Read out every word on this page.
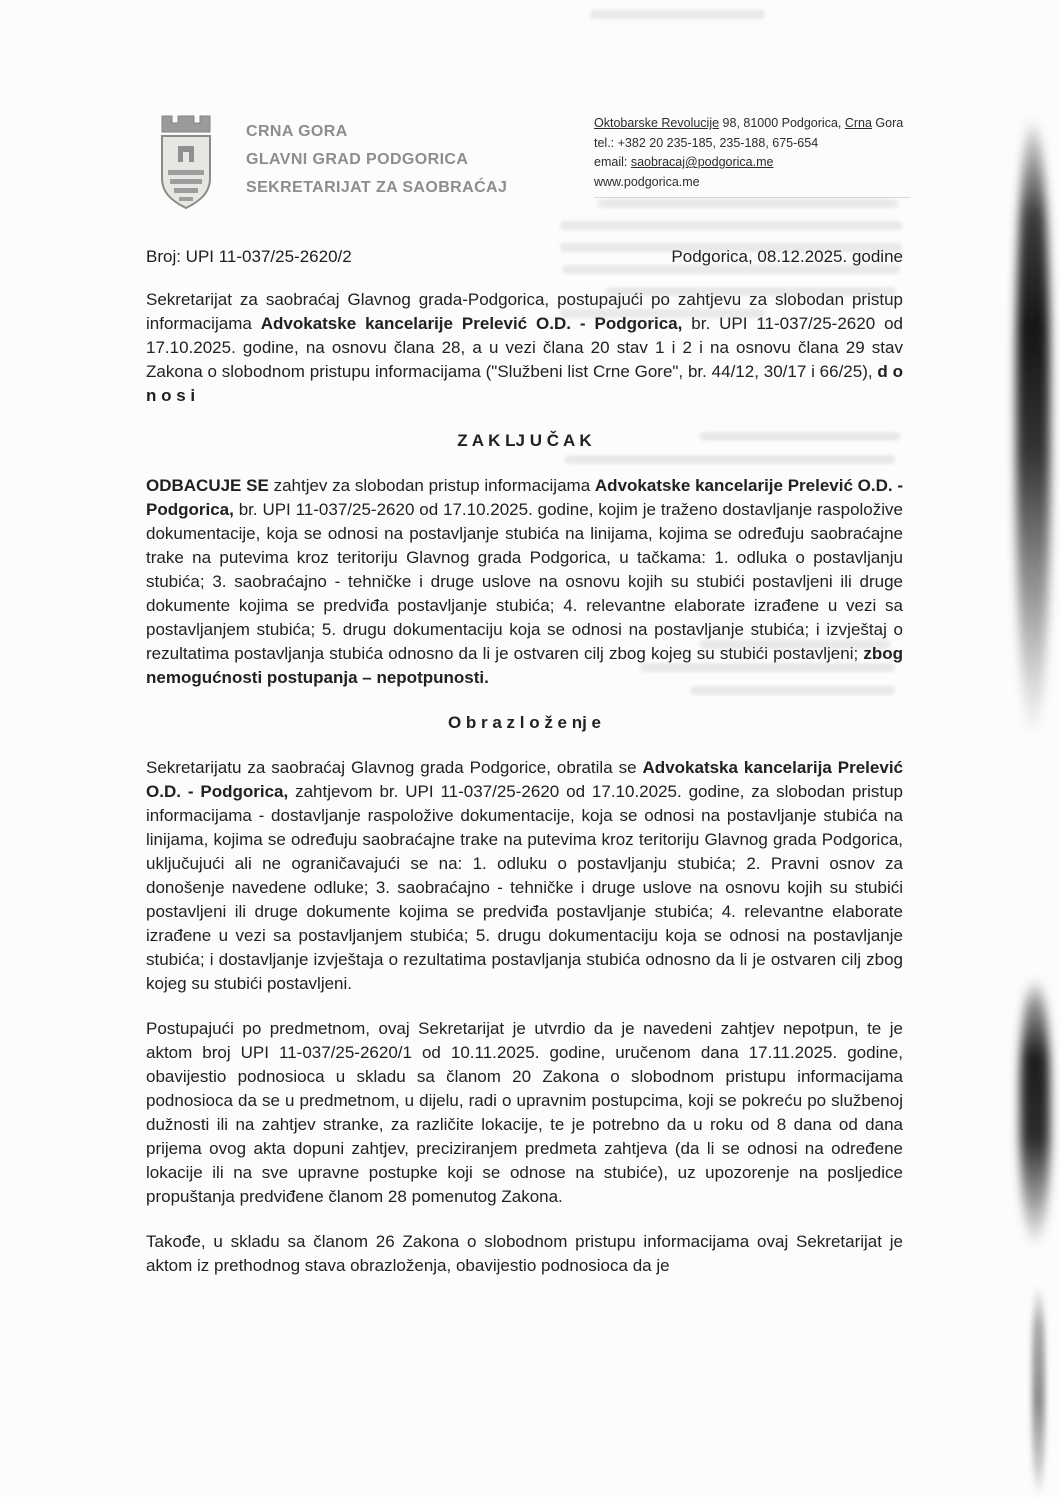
CRNA GORA
GLAVNI GRAD PODGORICA
SEKRETARIJAT ZA SAOBRAĆAJ
Oktobarske Revolucije 98, 81000 Podgorica, Crna Gora
tel.: +382 20 235-185, 235-188, 675-654
email: saobracaj@podgorica.me
www.podgorica.me
Broj: UPI 11-037/25-2620/2	Podgorica, 08.12.2025. godine

Sekretarijat za saobraćaj Glavnog grada-Podgorica, postupajući po zahtjevu za slobodan pristup informacijama Advokatske kancelarije Prelević O.D. - Podgorica, br. UPI 11-037/25-2620 od 17.10.2025. godine, na osnovu člana 28, a u vezi člana 20 stav 1 i 2 i na osnovu člana 29 stav Zakona o slobodnom pristupu informacijama ("Službeni list Crne Gore", br. 44/12, 30/17 i 66/25), d o n o s i

Z A K LJ U Č A K

ODBACUJE SE zahtjev za slobodan pristup informacijama Advokatske kancelarije Prelević O.D. - Podgorica, br. UPI 11-037/25-2620 od 17.10.2025. godine, kojim je traženo dostavljanje raspoložive dokumentacije, koja se odnosi na postavljanje stubića na linijama, kojima se određuju saobraćajne trake na putevima kroz teritoriju Glavnog grada Podgorica, u tačkama: 1. odluka o postavljanju stubića; 3. saobraćajno - tehničke i druge uslove na osnovu kojih su stubići postavljeni ili druge dokumente kojima se predviđa postavljanje stubića; 4. relevantne elaborate izrađene u vezi sa postavljanjem stubića; 5. drugu dokumentaciju koja se odnosi na postavljanje stubića; i izvještaj o rezultatima postavljanja stubića odnosno da li je ostvaren cilj zbog kojeg su stubići postavljeni; zbog nemogućnosti postupanja – nepotpunosti.

O b r a z l o ž e nj e

Sekretarijatu za saobraćaj Glavnog grada Podgorice, obratila se Advokatska kancelarija Prelević O.D. - Podgorica, zahtjevom br. UPI 11-037/25-2620 od 17.10.2025. godine, za slobodan pristup informacijama - dostavljanje raspoložive dokumentacije, koja se odnosi na postavljanje stubića na linijama, kojima se određuju saobraćajne trake na putevima kroz teritoriju Glavnog grada Podgorica, uključujući ali ne ograničavajući se na: 1. odluku o postavljanju stubića; 2. Pravni osnov za donošenje navedene odluke; 3. saobraćajno - tehničke i druge uslove na osnovu kojih su stubići postavljeni ili druge dokumente kojima se predviđa postavljanje stubića; 4. relevantne elaborate izrađene u vezi sa postavljanjem stubića; 5. drugu dokumentaciju koja se odnosi na postavljanje stubića; i dostavljanje izvještaja o rezultatima postavljanja stubića odnosno da li je ostvaren cilj zbog kojeg su stubići postavljeni.

Postupajući po predmetnom, ovaj Sekretarijat je utvrdio da je navedeni zahtjev nepotpun, te je aktom broj UPI 11-037/25-2620/1 od 10.11.2025. godine, uručenom dana 17.11.2025. godine, obavijestio podnosioca u skladu sa članom 20 Zakona o slobodnom pristupu informacijama podnosioca da se u predmetnom, u dijelu, radi o upravnim postupcima, koji se pokreću po službenoj dužnosti ili na zahtjev stranke, za različite lokacije, te je potrebno da u roku od 8 dana od dana prijema ovog akta dopuni zahtjev, preciziranjem predmeta zahtjeva (da li se odnosi na određene lokacije ili na sve upravne postupke koji se odnose na stubiće), uz upozorenje na posljedice propuštanja predviđene članom 28 pomenutog Zakona.

Takođe, u skladu sa članom 26 Zakona o slobodnom pristupu informacijama ovaj Sekretarijat je aktom iz prethodnog stava obrazloženja, obavijestio podnosioca da je
